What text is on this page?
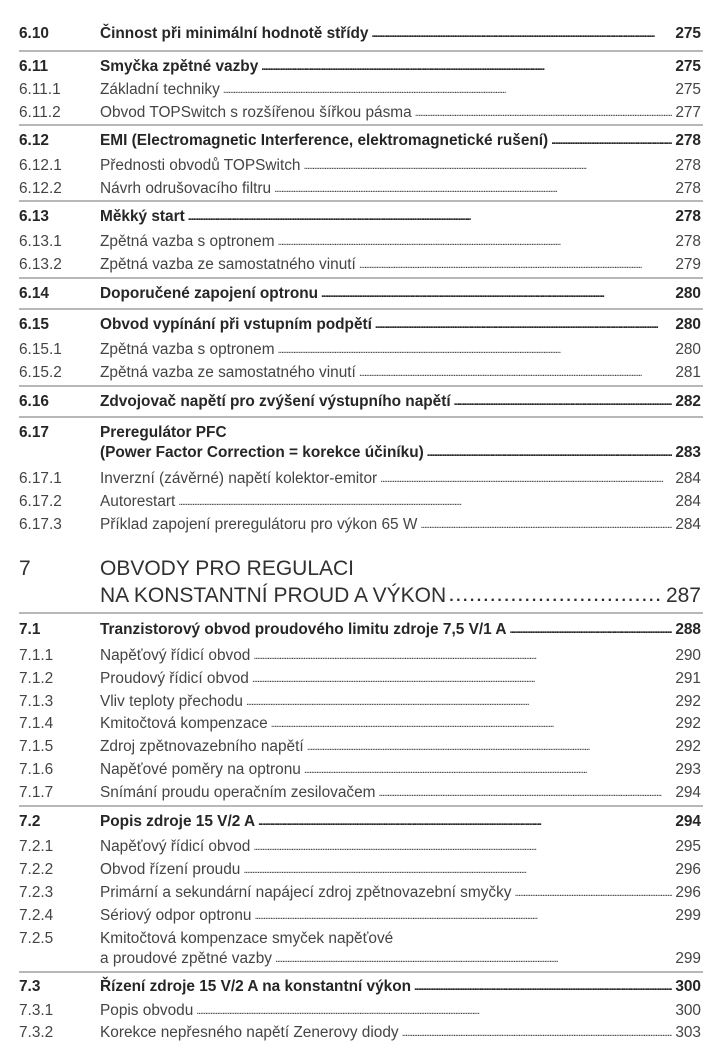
6.10	Činnost při minimální hodnotě střídy . . .	275
6.11	Smyčka zpětné vazby . . .	275
6.11.1	Základní techniky . . .	275
6.11.2	Obvod TOPSwitch s rozšířenou šířkou pásma . . .	277
6.12	EMI (Electromagnetic Interference, elektromagnetické rušení) . . .	278
6.12.1 Přednosti obvodů TOPSwitch . . .	278
6.12.2 Návrh odrušovacího filtru . . .	278
6.13	Měkký start . . .	278
6.13.1 Zpětná vazba s optronem . . .	278
6.13.2 Zpětná vazba ze samostatného vinutí . . .	279
6.14	Doporučené zapojení optronu . . .	280
6.15	Obvod vypínání při vstupním podpětí . . .	280
6.15.1 Zpětná vazba s optronem . . .	280
6.15.2 Zpětná vazba ze samostatného vinutí . . .	281
6.16	Zdvojovač napětí pro zvýšení výstupního napětí . . .	282
6.17	Preregulátor PFC
(Power Factor Correction = korekce účiníku) . . .	283
6.17.1 Inverzní (závěrné) napětí kolektor-emitor . . .	284
6.17.2 Autorestart . . .	284
6.17.3 Příklad zapojení preregulátoru pro výkon 65 W . . .	284
7	OBVODY PRO REGULACI
NA KONSTANTNÍ PROUD A VÝKON . . .	287
7.1	Tranzistorový obvod proudového limitu zdroje 7,5 V/1 A . . .	288
7.1.1	Napěťový řídicí obvod . . .	290
7.1.2	Proudový řídicí obvod . . .	291
7.1.3	Vliv teploty přechodu . . .	292
7.1.4	Kmitočtová kompenzace . . .	292
7.1.5	Zdroj zpětnovazebního napětí . . .	292
7.1.6	Napěťové poměry na optronu . . .	293
7.1.7	Snímání proudu operačním zesilovačem . . .	294
7.2	Popis zdroje 15 V/2 A . . .	294
7.2.1	Napěťový řídicí obvod . . .	295
7.2.2	Obvod řízení proudu . . .	296
7.2.3	Primární a sekundární napájecí zdroj zpětnovazební smyčky . . .	296
7.2.4	Sériový odpor optronu . . .	299
7.2.5	Kmitočtová kompenzace smyček napěťové
a proudové zpětné vazby . . .	299
7.3	Řízení zdroje 15 V/2 A na konstantní výkon . . .	300
7.3.1	Popis obvodu . . .	300
7.3.2	Korekce nepřesného napětí Zenerovy diody . . .	303
